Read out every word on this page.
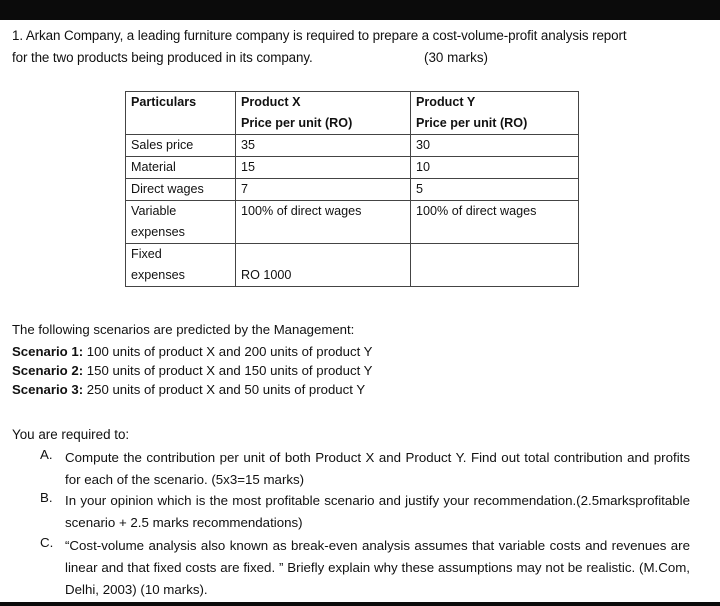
1. Arkan Company, a leading furniture company is required to prepare a cost-volume-profit analysis report
for the two products being produced in its company.	(30 marks)
Particulars	Product X	Product Y
	Price per unit (RO)	Price per unit (RO)
Sales price	35	30
Material	15	10
Direct wages	7	5
Variable	100% of direct wages	100% of direct wages
expenses		
Fixed		
expenses	RO 1000	
The following scenarios are predicted by the Management:
Scenario 1: 100 units of product X and 200 units of product Y
Scenario 2: 150 units of product X and 150 units of product Y
Scenario 3: 250 units of product X and 50 units of product Y
You are required to:
A. Compute the contribution per unit of both Product X and Product Y. Find out total contribution and profits for each of the scenario. (5x3=15 marks)
B. In your opinion which is the most profitable scenario and justify your recommendation.(2.5marksprofitable scenario + 2.5 marks recommendations)
C. “Cost-volume analysis also known as break-even analysis assumes that variable costs and revenues are linear and that fixed costs are fixed. ” Briefly explain why these assumptions may not be realistic. (M.Com, Delhi, 2003) (10 marks).
